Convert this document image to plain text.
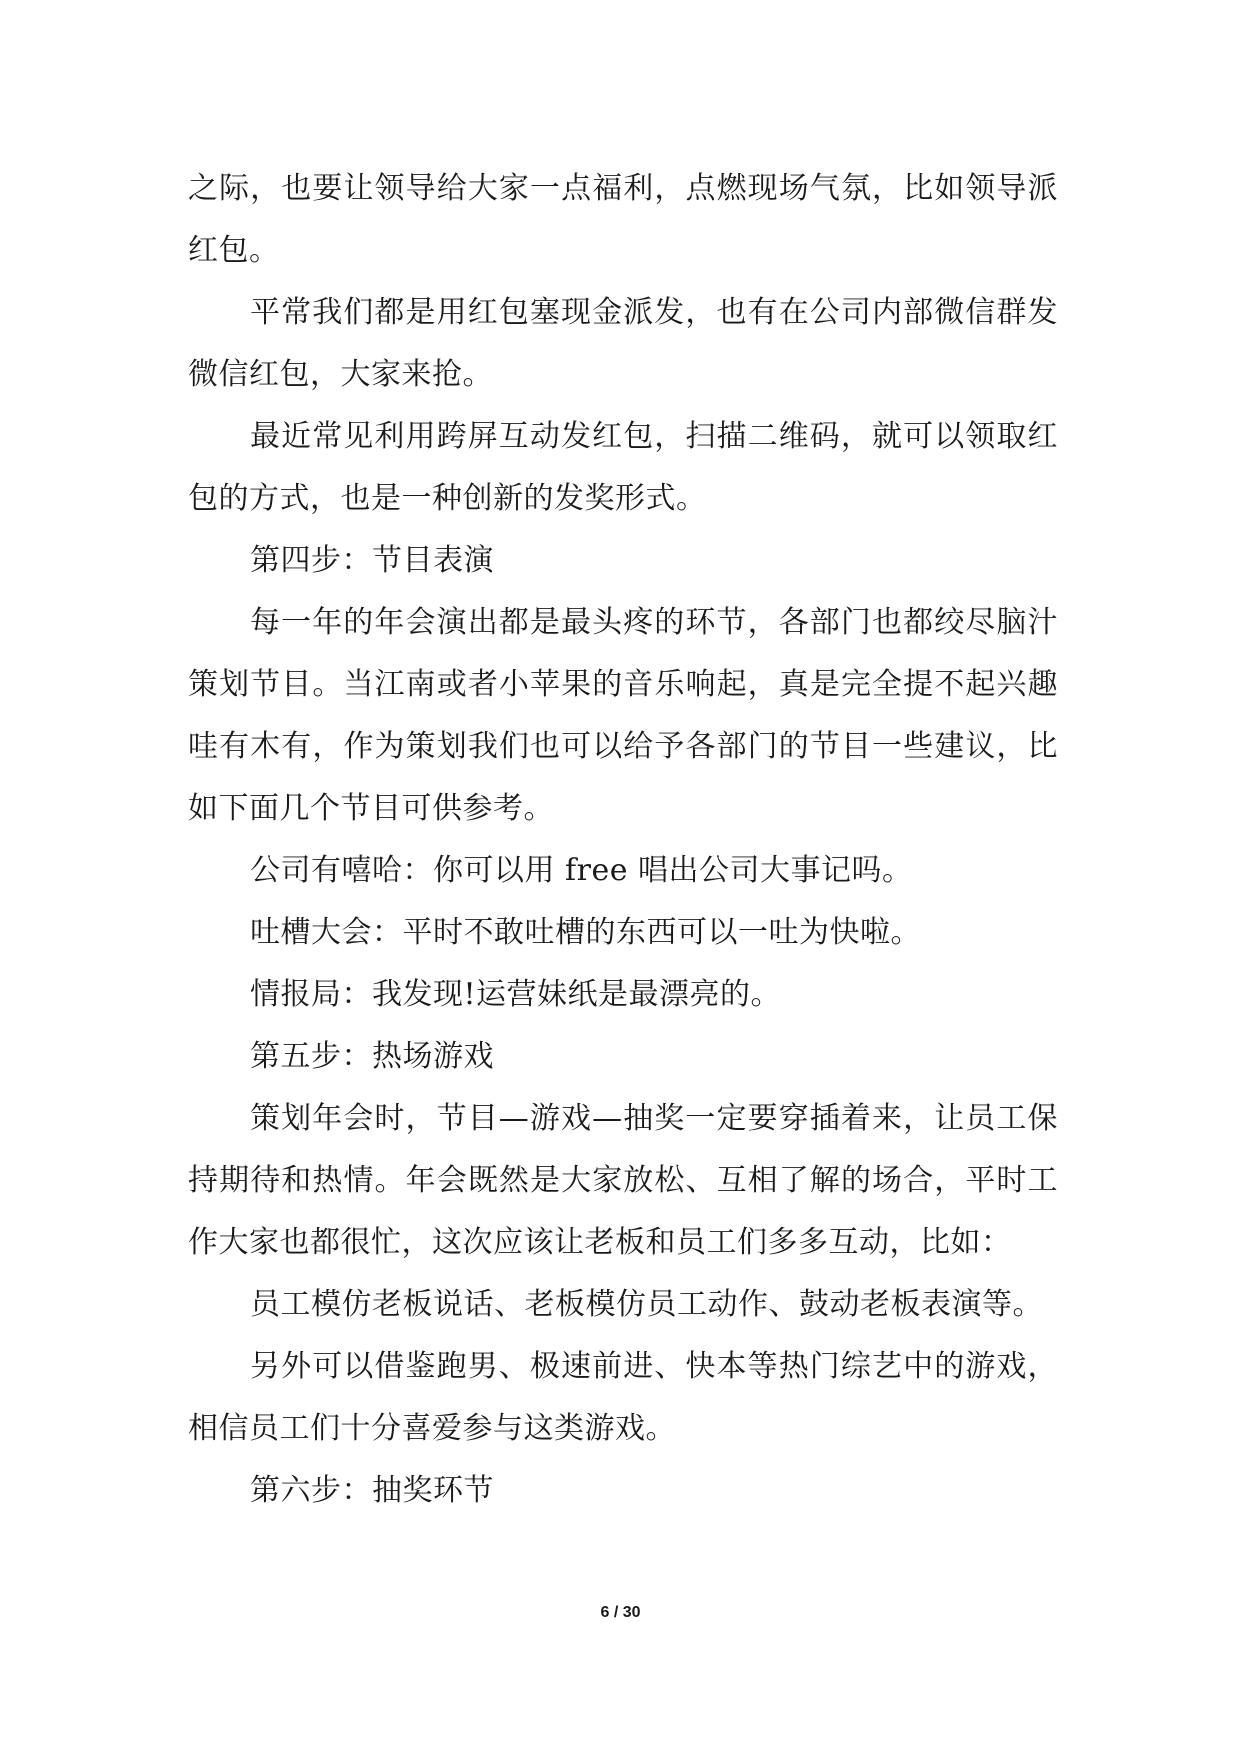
之际，也要让领导给大家一点福利，点燃现场气氛，比如领导派红包。

平常我们都是用红包塞现金派发，也有在公司内部微信群发微信红包，大家来抢。

最近常见利用跨屏互动发红包，扫描二维码，就可以领取红包的方式，也是一种创新的发奖形式。

第四步：节目表演

每一年的年会演出都是最头疼的环节，各部门也都绞尽脑汁策划节目。当江南或者小苹果的音乐响起，真是完全提不起兴趣哇有木有，作为策划我们也可以给予各部门的节目一些建议，比如下面几个节目可供参考。

公司有嘻哈：你可以用 free 唱出公司大事记吗。

吐槽大会：平时不敢吐槽的东西可以一吐为快啦。

情报局：我发现!运营妹纸是最漂亮的。

第五步：热场游戏

策划年会时，节目—游戏—抽奖一定要穿插着来，让员工保持期待和热情。年会既然是大家放松、互相了解的场合，平时工作大家也都很忙，这次应该让老板和员工们多多互动，比如：

员工模仿老板说话、老板模仿员工动作、鼓动老板表演等。

另外可以借鉴跑男、极速前进、快本等热门综艺中的游戏，相信员工们十分喜爱参与这类游戏。

第六步：抽奖环节

6 / 30
